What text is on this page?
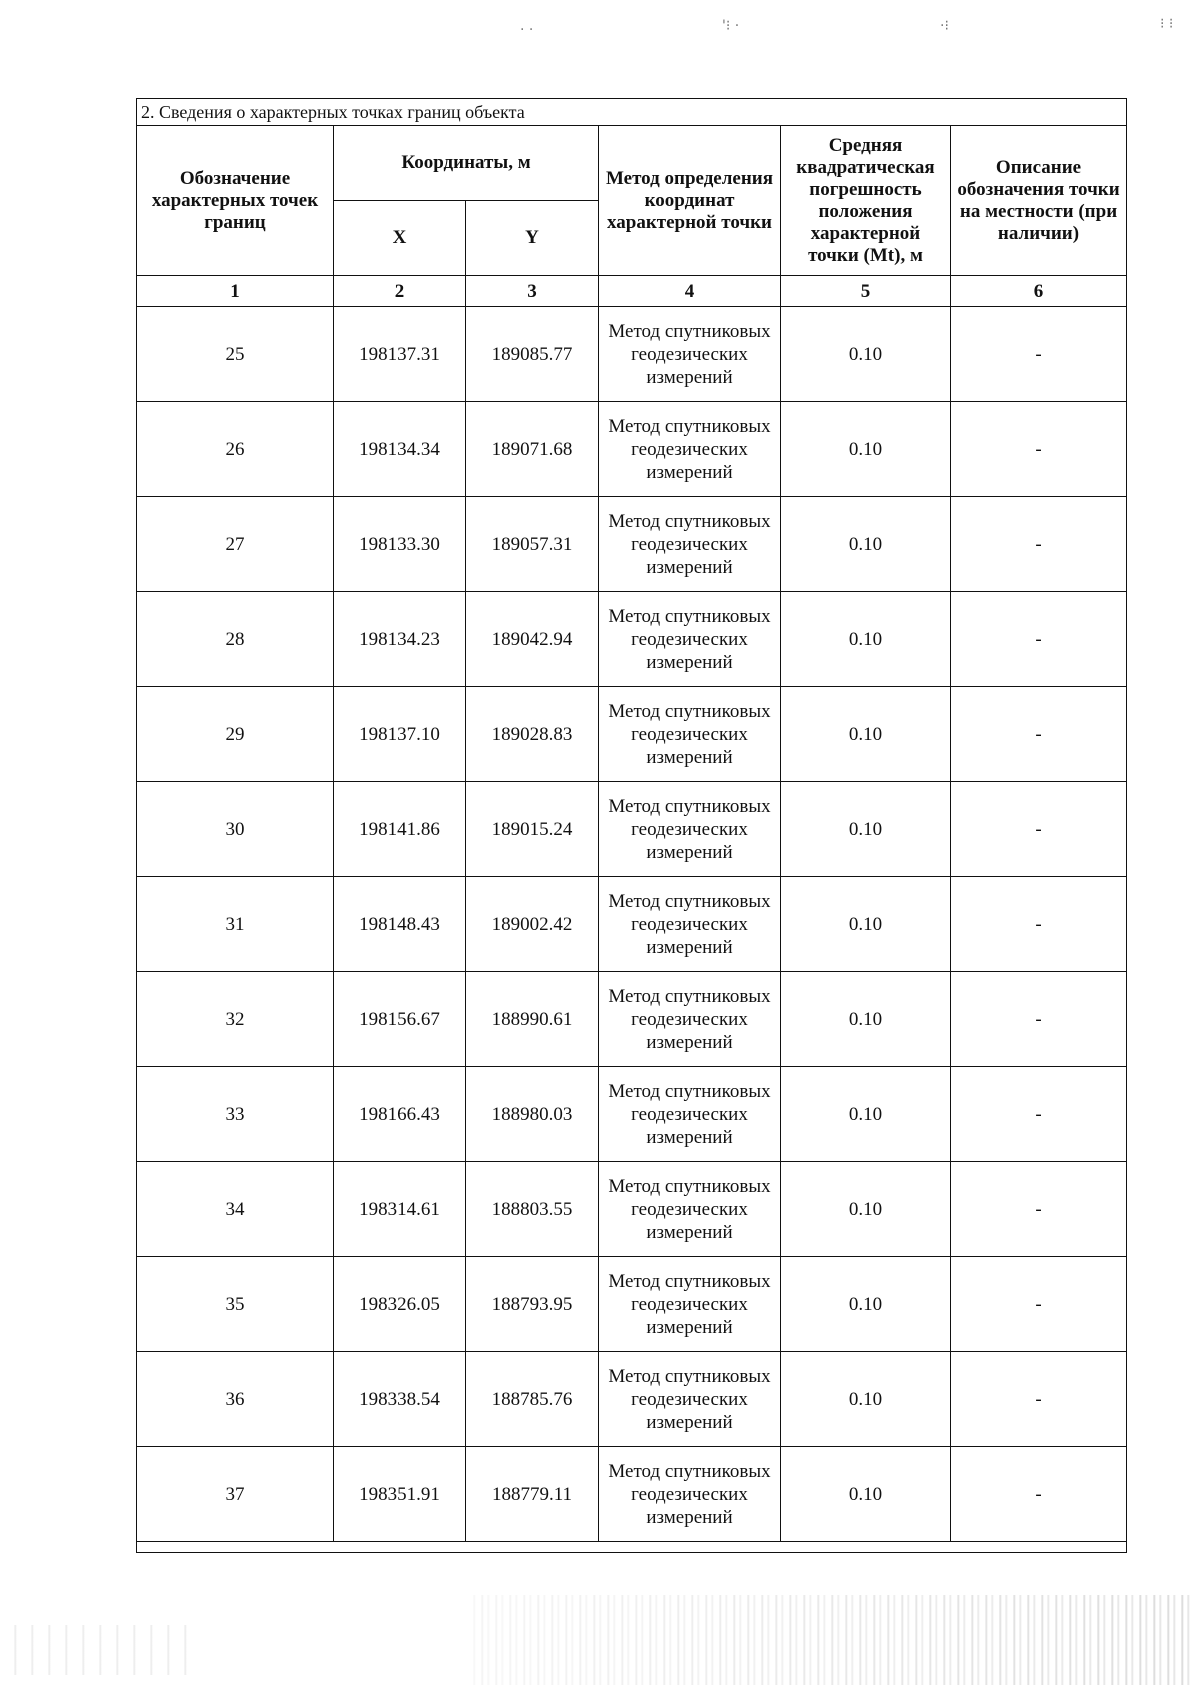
· ·	'⁝ ·	·⁝	⁝ ⁝
2. Сведения о характерных точках границ объекта					
Обозначение характерных точек границ	Координаты, м		Метод определения координат характерной точки	Средняя квадратическая погрешность положения характерной точки (Mt), м	Описание обозначения точки на местности (при наличии)
	X	Y			
1	2	3	4	5	6
25	198137.31	189085.77	Метод спутниковых геодезических измерений	0.10	-
26	198134.34	189071.68	Метод спутниковых геодезических измерений	0.10	-
27	198133.30	189057.31	Метод спутниковых геодезических измерений	0.10	-
28	198134.23	189042.94	Метод спутниковых геодезических измерений	0.10	-
29	198137.10	189028.83	Метод спутниковых геодезических измерений	0.10	-
30	198141.86	189015.24	Метод спутниковых геодезических измерений	0.10	-
31	198148.43	189002.42	Метод спутниковых геодезических измерений	0.10	-
32	198156.67	188990.61	Метод спутниковых геодезических измерений	0.10	-
33	198166.43	188980.03	Метод спутниковых геодезических измерений	0.10	-
34	198314.61	188803.55	Метод спутниковых геодезических измерений	0.10	-
35	198326.05	188793.95	Метод спутниковых геодезических измерений	0.10	-
36	198338.54	188785.76	Метод спутниковых геодезических измерений	0.10	-
37	198351.91	188779.11	Метод спутниковых геодезических измерений	0.10	-
